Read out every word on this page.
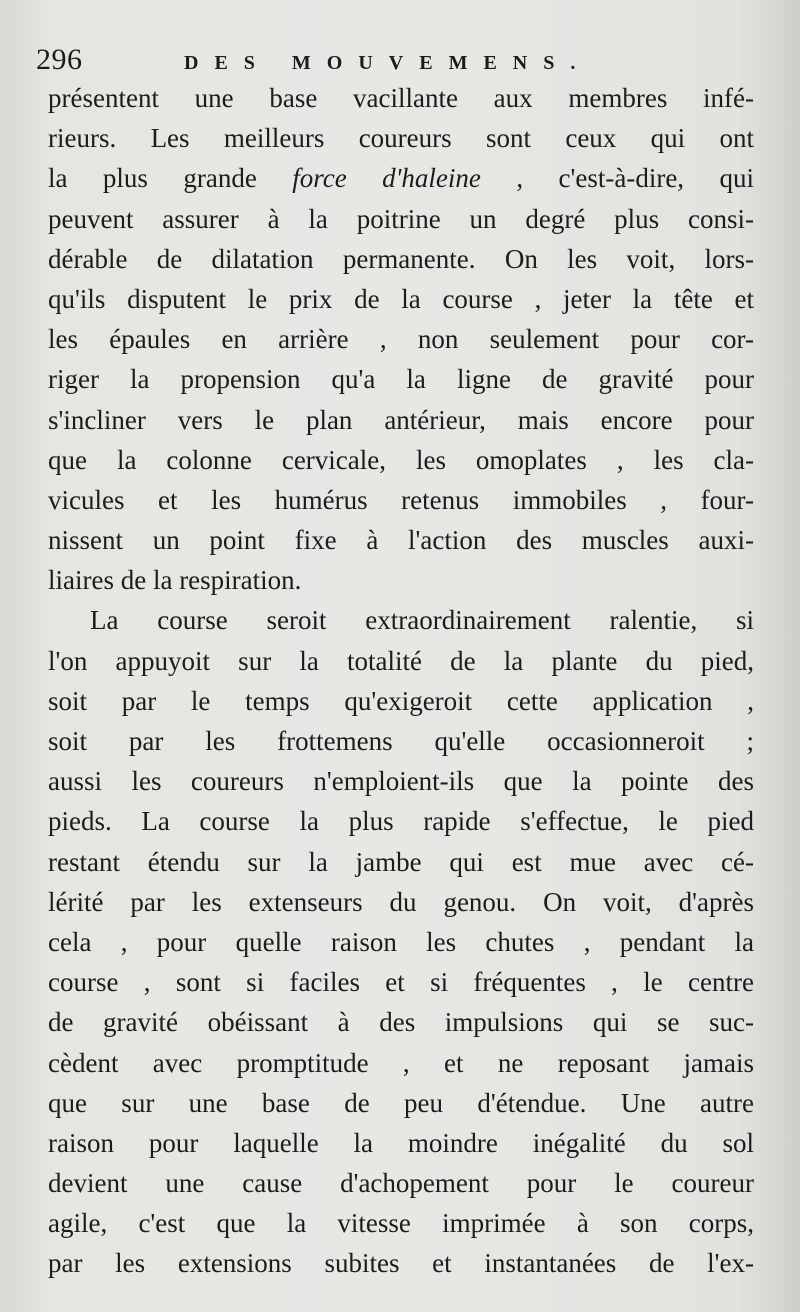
296	DES MOUVEMENS.
présentent une base vacillante aux membres infé-
rieurs. Les meilleurs coureurs sont ceux qui ont
la plus grande force d'haleine , c'est-à-dire, qui
peuvent assurer à la poitrine un degré plus consi-
dérable de dilatation permanente. On les voit, lors-
qu'ils disputent le prix de la course , jeter la tête et
les épaules en arrière , non seulement pour cor-
riger la propension qu'a la ligne de gravité pour
s'incliner vers le plan antérieur, mais encore pour
que la colonne cervicale, les omoplates , les cla-
vicules et les humérus retenus immobiles , four-
nissent un point fixe à l'action des muscles auxi-
liaires de la respiration.
La course seroit extraordinairement ralentie, si
l'on appuyoit sur la totalité de la plante du pied,
soit par le temps qu'exigeroit cette application ,
soit par les frottemens qu'elle occasionneroit ;
aussi les coureurs n'emploient-ils que la pointe des
pieds. La course la plus rapide s'effectue, le pied
restant étendu sur la jambe qui est mue avec cé-
lérité par les extenseurs du genou. On voit, d'après
cela , pour quelle raison les chutes , pendant la
course , sont si faciles et si fréquentes , le centre
de gravité obéissant à des impulsions qui se suc-
cèdent avec promptitude , et ne reposant jamais
que sur une base de peu d'étendue. Une autre
raison pour laquelle la moindre inégalité du sol
devient une cause d'achopement pour le coureur
agile, c'est que la vitesse imprimée à son corps,
par les extensions subites et instantanées de l'ex-
